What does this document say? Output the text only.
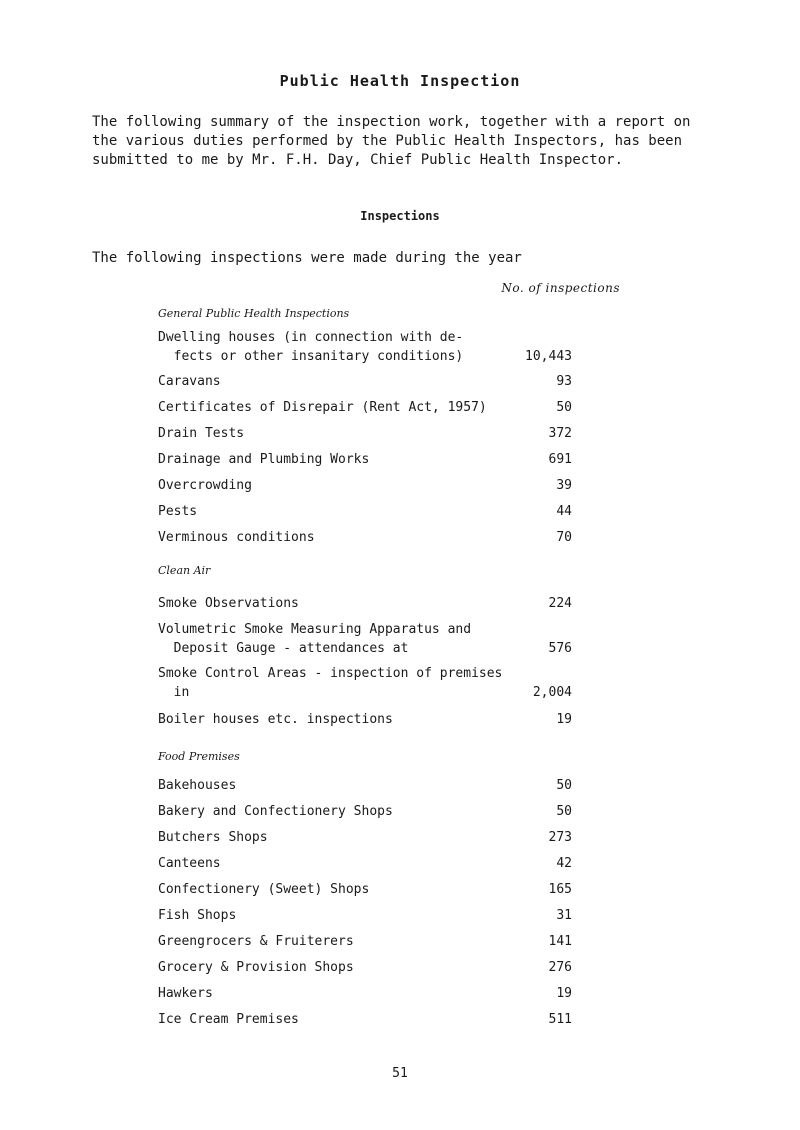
Public Health Inspection
The following summary of the inspection work, together with a report on the various duties performed by the Public Health Inspectors, has been submitted to me by Mr. F.H. Day, Chief Public Health Inspector.
Inspections
The following inspections were made during the year
No. of inspections
General Public Health Inspections
Dwelling houses (in connection with de-
fects or other insanitary conditions)	10,443
Caravans	93
Certificates of Disrepair (Rent Act, 1957)	50
Drain Tests	372
Drainage and Plumbing Works	691
Overcrowding	39
Pests	44
Verminous conditions	70
Clean Air
Smoke Observations	224
Volumetric Smoke Measuring Apparatus and
Deposit Gauge - attendances at	576
Smoke Control Areas - inspection of premises
in	2,004
Boiler houses etc. inspections	19
Food Premises
Bakehouses	50
Bakery and Confectionery Shops	50
Butchers Shops	273
Canteens	42
Confectionery (Sweet) Shops	165
Fish Shops	31
Greengrocers & Fruiterers	141
Grocery & Provision Shops	276
Hawkers	19
Ice Cream Premises	511
51
